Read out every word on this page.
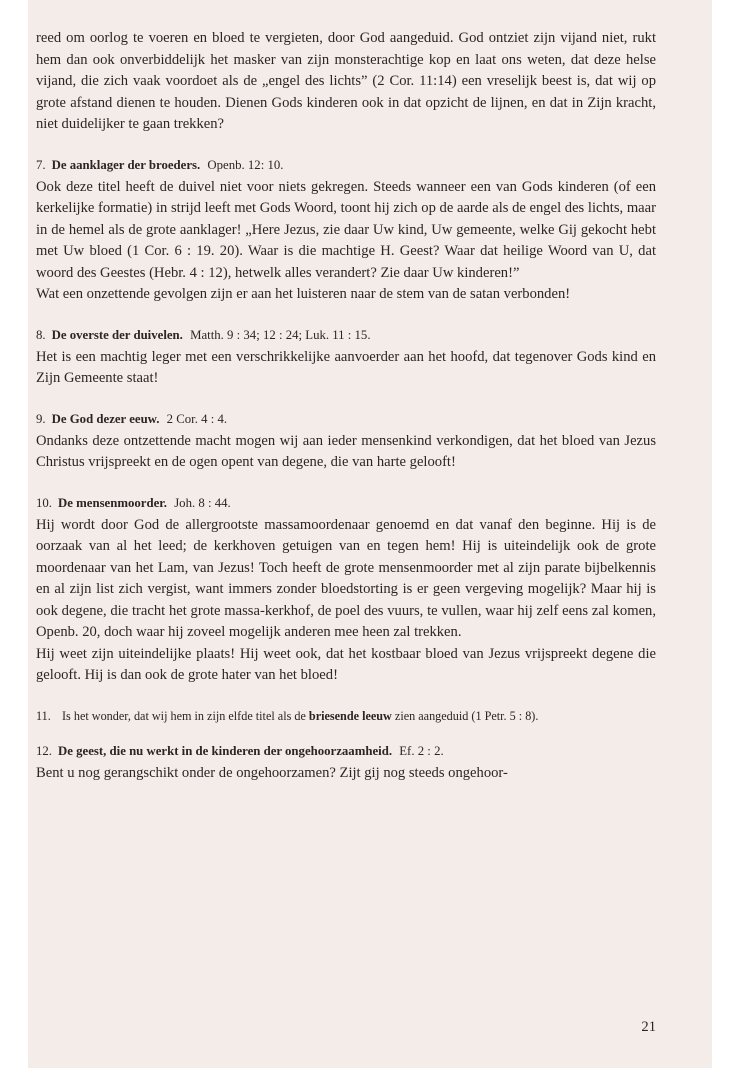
reed om oorlog te voeren en bloed te vergieten, door God aangeduid. God ontziet zijn vijand niet, rukt hem dan ook onverbiddelijk het masker van zijn monsterachtige kop en laat ons weten, dat deze helse vijand, die zich vaak voordoet als de „engel des lichts” (2 Cor. 11:14) een vreselijk beest is, dat wij op grote afstand dienen te houden. Dienen Gods kinderen ook in dat opzicht de lijnen, en dat in Zijn kracht, niet duidelijker te gaan trekken?

7. De aanklager der broeders. Openb. 12: 10.

Ook deze titel heeft de duivel niet voor niets gekregen. Steeds wanneer een van Gods kinderen (of een kerkelijke formatie) in strijd leeft met Gods Woord, toont hij zich op de aarde als de engel des lichts, maar in de hemel als de grote aanklager! „Here Jezus, zie daar Uw kind, Uw gemeente, welke Gij gekocht hebt met Uw bloed (1 Cor. 6 : 19. 20). Waar is die machtige H. Geest? Waar dat heilige Woord van U, dat woord des Geestes (Hebr. 4 : 12), hetwelk alles verandert? Zie daar Uw kinderen!”

Wat een onzettende gevolgen zijn er aan het luisteren naar de stem van de satan verbonden!

8. De overste der duivelen. Matth. 9 : 34; 12 : 24; Luk. 11 : 15.

Het is een machtig leger met een verschrikkelijke aanvoerder aan het hoofd, dat tegenover Gods kind en Zijn Gemeente staat!

9. De God dezer eeuw. 2 Cor. 4 : 4.

Ondanks deze ontzettende macht mogen wij aan ieder mensenkind verkondigen, dat het bloed van Jezus Christus vrijspreekt en de ogen opent van degene, die van harte gelooft!

10. De mensenmoorder. Joh. 8 : 44.

Hij wordt door God de allergrootste massamoordenaar genoemd en dat vanaf den beginne. Hij is de oorzaak van al het leed; de kerkhoven getuigen van en tegen hem! Hij is uiteindelijk ook de grote moordenaar van het Lam, van Jezus! Toch heeft de grote mensenmoorder met al zijn parate bijbelkennis en al zijn list zich vergist, want immers zonder bloedstorting is er geen vergeving mogelijk? Maar hij is ook degene, die tracht het grote massa-kerkhof, de poel des vuurs, te vullen, waar hij zelf eens zal komen, Openb. 20, doch waar hij zoveel mogelijk anderen mee heen zal trekken.

Hij weet zijn uiteindelijke plaats! Hij weet ook, dat het kostbaar bloed van Jezus vrijspreekt degene die gelooft. Hij is dan ook de grote hater van het bloed!

11. Is het wonder, dat wij hem in zijn elfde titel als de briesende leeuw zien aangeduid (1 Petr. 5 : 8).
12. De geest, die nu werkt in de kinderen der ongehoorzaamheid. Ef. 2 : 2.

Bent u nog gerangschikt onder de ongehoorzamen? Zijt gij nog steeds ongehoor-

21
